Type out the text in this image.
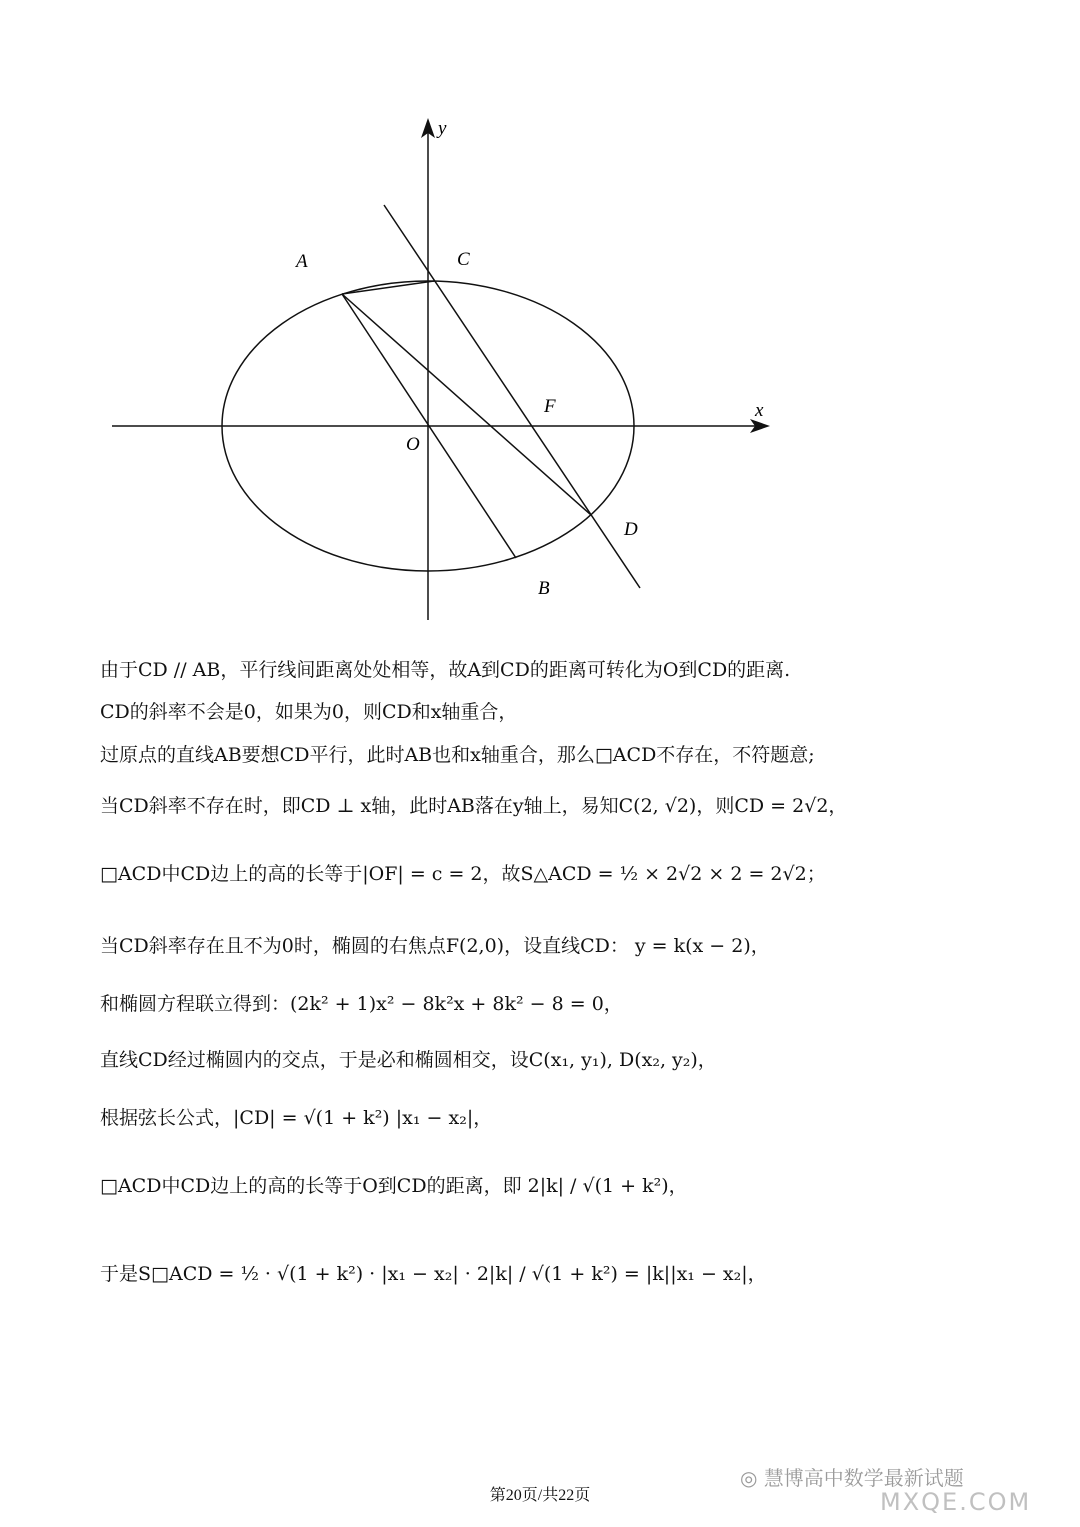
y
A	C
F	x
O
D
B
由于CD // AB，平行线间距离处处相等，故A到CD的距离可转化为O到CD的距离.
CD的斜率不会是0，如果为0，则CD和x轴重合，
过原点的直线AB要想CD平行，此时AB也和x轴重合，那么□ACD不存在，不符题意;
当CD斜率不存在时，即CD ⊥ x轴，此时AB落在y轴上，易知C(2, √2)，则CD = 2√2，
□ACD中CD边上的高的长等于|OF| = c = 2，故S△ACD = ½ × 2√2 × 2 = 2√2；
当CD斜率存在且不为0时，椭圆的右焦点F(2,0)，设直线CD： y = k(x − 2)，
和椭圆方程联立得到：(2k² + 1)x² − 8k²x + 8k² − 8 = 0，
直线CD经过椭圆内的交点，于是必和椭圆相交，设C(x₁, y₁), D(x₂, y₂)，
根据弦长公式，|CD| = √(1 + k²) |x₁ − x₂|，
□ACD中CD边上的高的长等于O到CD的距离，即 2|k| / √(1 + k²)，
于是S□ACD = ½ · √(1 + k²) · |x₁ − x₂| · 2|k| / √(1 + k²) = |k||x₁ − x₂|，
◎ 慧博高中数学最新试题
MXQE.COM
第20页/共22页
